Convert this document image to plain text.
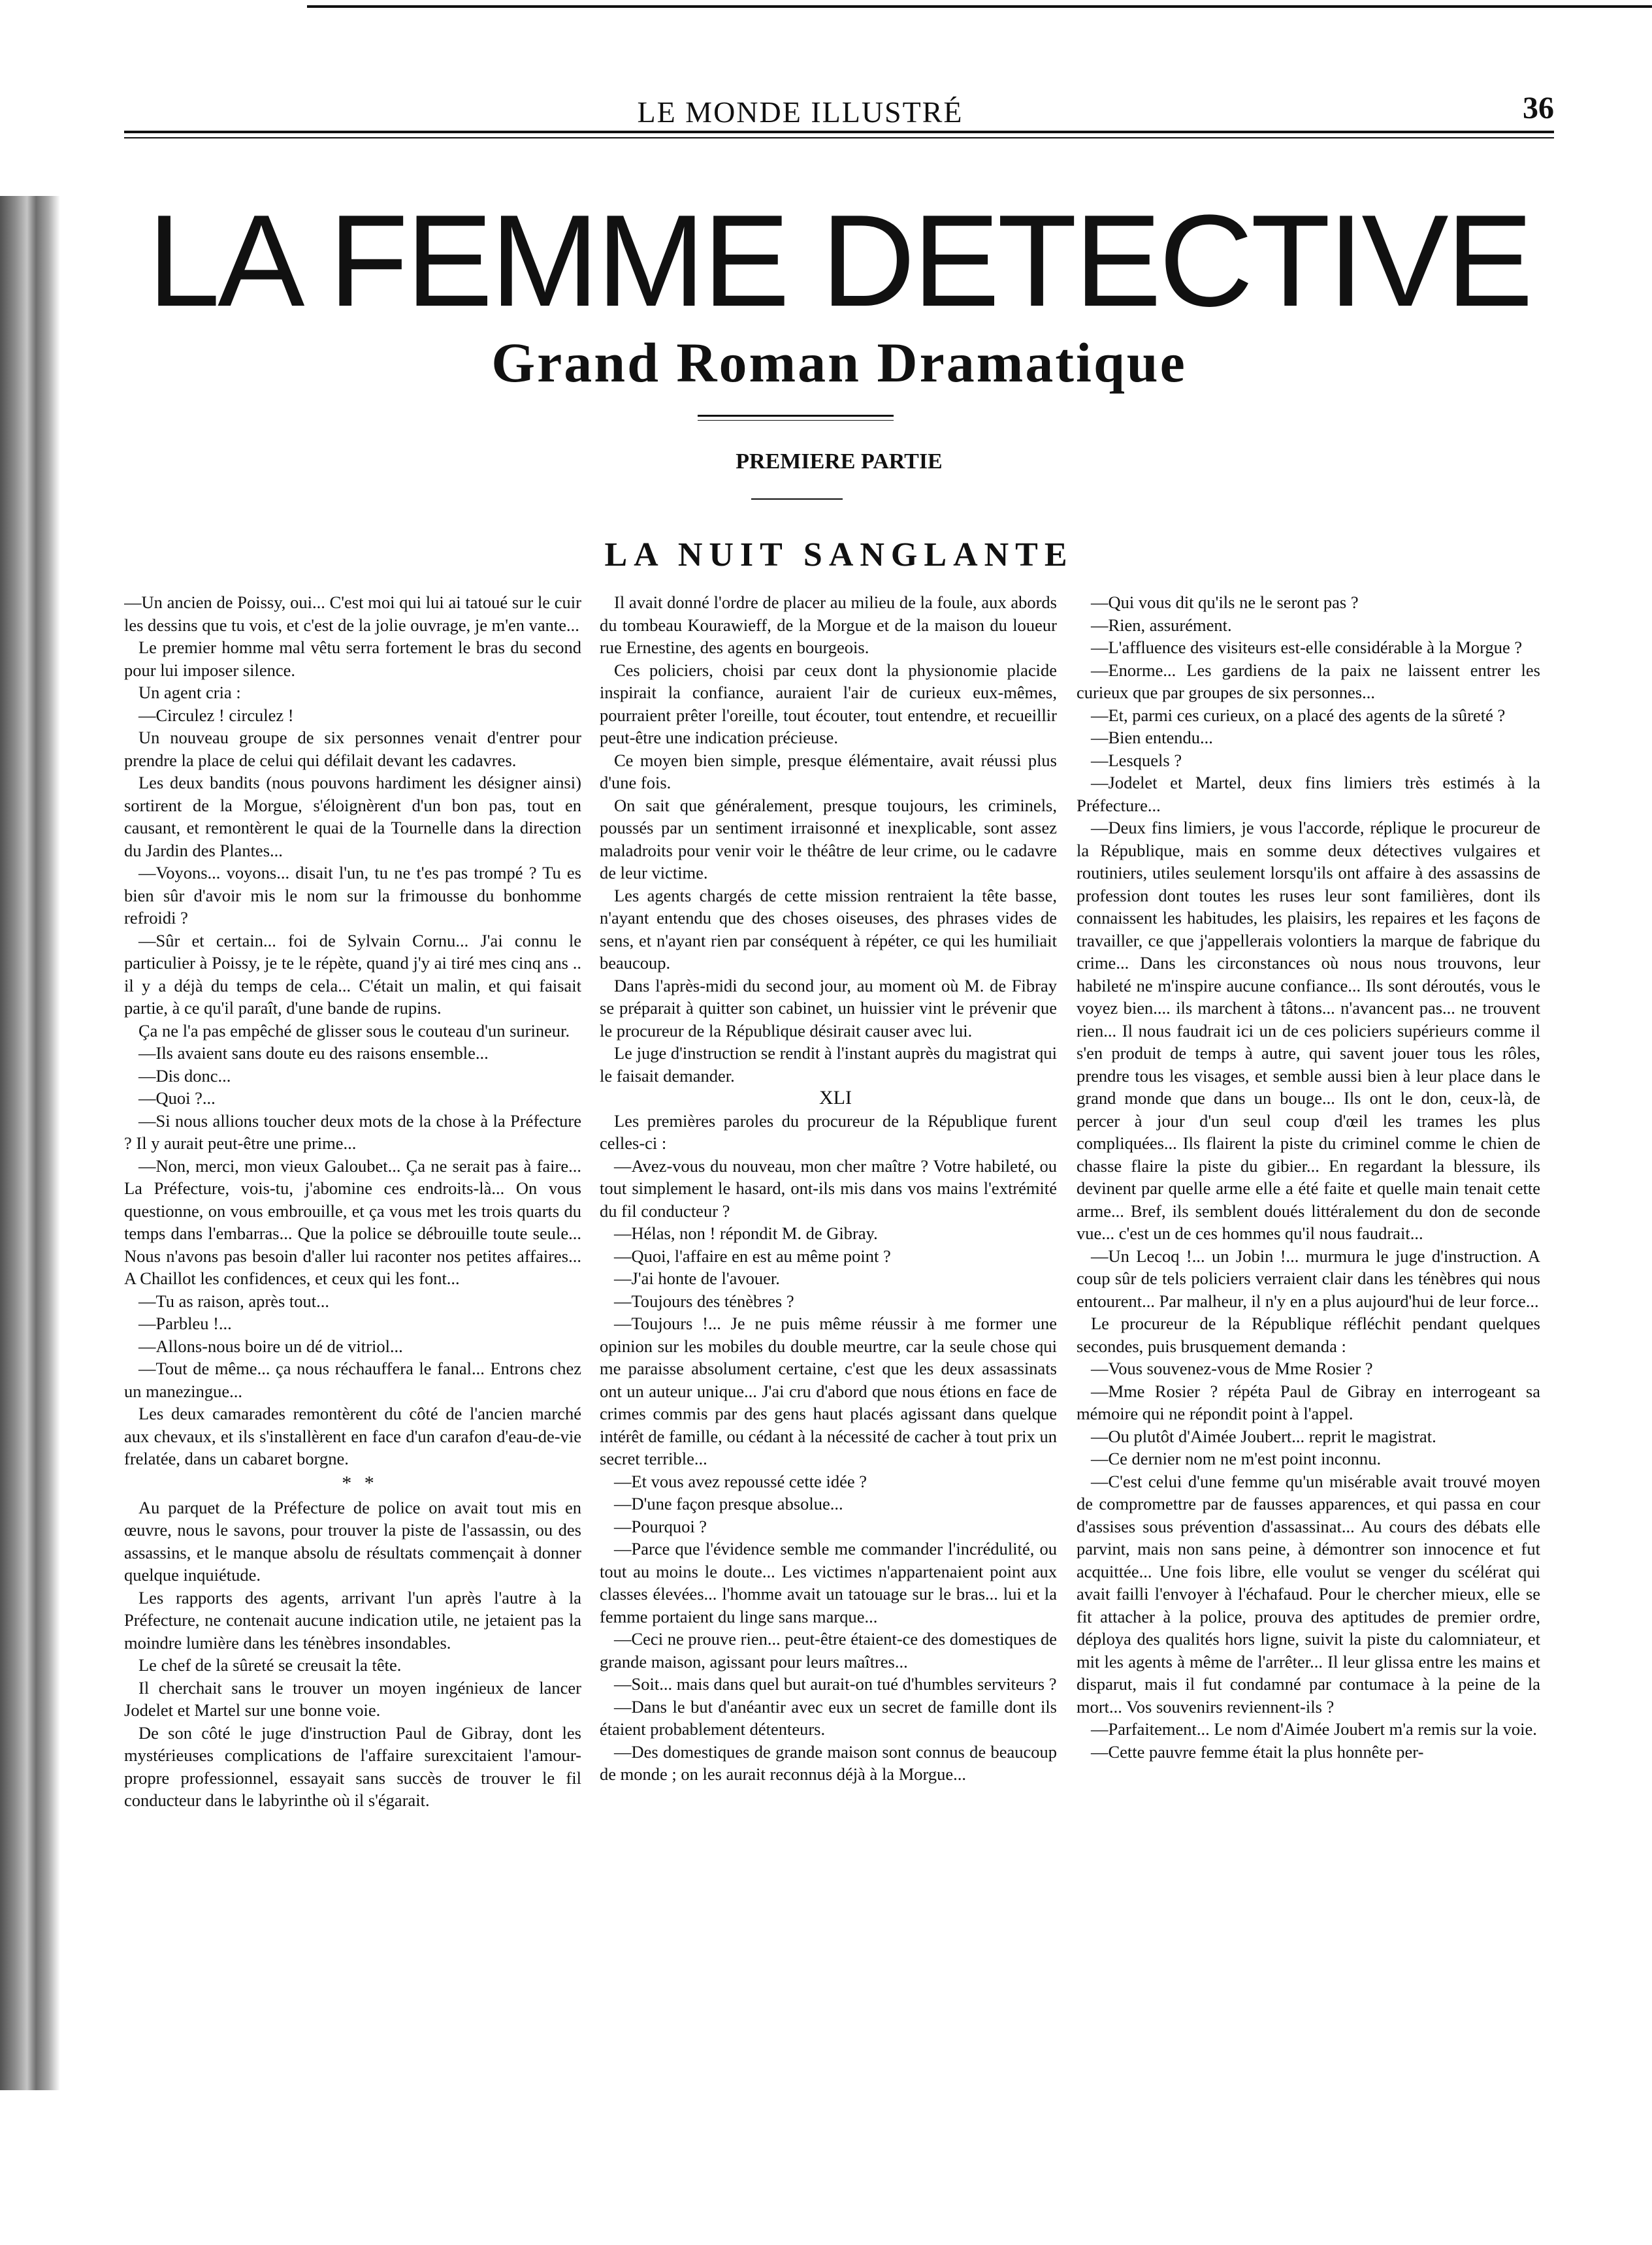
LE MONDE ILLUSTRÉ	36
LA FEMME DETECTIVE
Grand Roman Dramatique
PREMIERE PARTIE
LA NUIT SANGLANTE

—Un ancien de Poissy, oui... C'est moi qui lui ai tatoué sur le cuir les dessins que tu vois, et c'est de la jolie ouvrage, je m'en vante...

Le premier homme mal vêtu serra fortement le bras du second pour lui imposer silence.

Un agent cria :

—Circulez ! circulez !

Un nouveau groupe de six personnes venait d'entrer pour prendre la place de celui qui défilait devant les cadavres.

Les deux bandits (nous pouvons hardiment les désigner ainsi) sortirent de la Morgue, s'éloignèrent d'un bon pas, tout en causant, et remontèrent le quai de la Tournelle dans la direction du Jardin des Plantes...

—Voyons... voyons... disait l'un, tu ne t'es pas trompé ? Tu es bien sûr d'avoir mis le nom sur la frimousse du bonhomme refroidi ?

—Sûr et certain... foi de Sylvain Cornu... J'ai connu le particulier à Poissy, je te le répète, quand j'y ai tiré mes cinq ans .. il y a déjà du temps de cela... C'était un malin, et qui faisait partie, à ce qu'il paraît, d'une bande de rupins.

Ça ne l'a pas empêché de glisser sous le couteau d'un surineur.

—Ils avaient sans doute eu des raisons ensemble...

—Dis donc...

—Quoi ?...

—Si nous allions toucher deux mots de la chose à la Préfecture ? Il y aurait peut-être une prime...

—Non, merci, mon vieux Galoubet... Ça ne serait pas à faire... La Préfecture, vois-tu, j'abomine ces endroits-là... On vous questionne, on vous embrouille, et ça vous met les trois quarts du temps dans l'embarras... Que la police se débrouille toute seule... Nous n'avons pas besoin d'aller lui raconter nos petites affaires... A Chaillot les confidences, et ceux qui les font...

—Tu as raison, après tout...

—Parbleu !...

—Allons-nous boire un dé de vitriol...

—Tout de même... ça nous réchauffera le fanal... Entrons chez un manezingue...

Les deux camarades remontèrent du côté de l'ancien marché aux chevaux, et ils s'installèrent en face d'un carafon d'eau-de-vie frelatée, dans un cabaret borgne.

* *

Au parquet de la Préfecture de police on avait tout mis en œuvre, nous le savons, pour trouver la piste de l'assassin, ou des assassins, et le manque absolu de résultats commençait à donner quelque inquiétude.

Les rapports des agents, arrivant l'un après l'autre à la Préfecture, ne contenait aucune indication utile, ne jetaient pas la moindre lumière dans les ténèbres insondables.

Le chef de la sûreté se creusait la tête.

Il cherchait sans le trouver un moyen ingénieux de lancer Jodelet et Martel sur une bonne voie.

De son côté le juge d'instruction Paul de Gibray, dont les mystérieuses complications de l'affaire surexcitaient l'amour-propre professionnel, essayait sans succès de trouver le fil conducteur dans le labyrinthe où il s'égarait.

Il avait donné l'ordre de placer au milieu de la foule, aux abords du tombeau Kourawieff, de la Morgue et de la maison du loueur rue Ernestine, des agents en bourgeois.

Ces policiers, choisi par ceux dont la physionomie placide inspirait la confiance, auraient l'air de curieux eux-mêmes, pourraient prêter l'oreille, tout écouter, tout entendre, et recueillir peut-être une indication précieuse.

Ce moyen bien simple, presque élémentaire, avait réussi plus d'une fois.

On sait que généralement, presque toujours, les criminels, poussés par un sentiment irraisonné et inexplicable, sont assez maladroits pour venir voir le théâtre de leur crime, ou le cadavre de leur victime.

Les agents chargés de cette mission rentraient la tête basse, n'ayant entendu que des choses oiseuses, des phrases vides de sens, et n'ayant rien par conséquent à répéter, ce qui les humiliait beaucoup.

Dans l'après-midi du second jour, au moment où M. de Fibray se préparait à quitter son cabinet, un huissier vint le prévenir que le procureur de la République désirait causer avec lui.

Le juge d'instruction se rendit à l'instant auprès du magistrat qui le faisait demander.

XLI

Les premières paroles du procureur de la République furent celles-ci :

—Avez-vous du nouveau, mon cher maître ? Votre habileté, ou tout simplement le hasard, ont-ils mis dans vos mains l'extrémité du fil conducteur ?

—Hélas, non ! répondit M. de Gibray.

—Quoi, l'affaire en est au même point ?

—J'ai honte de l'avouer.

—Toujours des ténèbres ?

—Toujours !... Je ne puis même réussir à me former une opinion sur les mobiles du double meurtre, car la seule chose qui me paraisse absolument certaine, c'est que les deux assassinats ont un auteur unique... J'ai cru d'abord que nous étions en face de crimes commis par des gens haut placés agissant dans quelque intérêt de famille, ou cédant à la nécessité de cacher à tout prix un secret terrible...

—Et vous avez repoussé cette idée ?

—D'une façon presque absolue...

—Pourquoi ?

—Parce que l'évidence semble me commander l'incrédulité, ou tout au moins le doute... Les victimes n'appartenaient point aux classes élevées... l'homme avait un tatouage sur le bras... lui et la femme portaient du linge sans marque...

—Ceci ne prouve rien... peut-être étaient-ce des domestiques de grande maison, agissant pour leurs maîtres...

—Soit... mais dans quel but aurait-on tué d'humbles serviteurs ?

—Dans le but d'anéantir avec eux un secret de famille dont ils étaient probablement détenteurs.

—Des domestiques de grande maison sont connus de beaucoup de monde ; on les aurait reconnus déjà à la Morgue...

—Qui vous dit qu'ils ne le seront pas ?

—Rien, assurément.

—L'affluence des visiteurs est-elle considérable à la Morgue ?

—Enorme... Les gardiens de la paix ne laissent entrer les curieux que par groupes de six personnes...

—Et, parmi ces curieux, on a placé des agents de la sûreté ?

—Bien entendu...

—Lesquels ?

—Jodelet et Martel, deux fins limiers très estimés à la Préfecture...

—Deux fins limiers, je vous l'accorde, réplique le procureur de la République, mais en somme deux détectives vulgaires et routiniers, utiles seulement lorsqu'ils ont affaire à des assassins de profession dont toutes les ruses leur sont familières, dont ils connaissent les habitudes, les plaisirs, les repaires et les façons de travailler, ce que j'appellerais volontiers la marque de fabrique du crime... Dans les circonstances où nous nous trouvons, leur habileté ne m'inspire aucune confiance... Ils sont déroutés, vous le voyez bien.... ils marchent à tâtons... n'avancent pas... ne trouvent rien... Il nous faudrait ici un de ces policiers supérieurs comme il s'en produit de temps à autre, qui savent jouer tous les rôles, prendre tous les visages, et semble aussi bien à leur place dans le grand monde que dans un bouge... Ils ont le don, ceux-là, de percer à jour d'un seul coup d'œil les trames les plus compliquées... Ils flairent la piste du criminel comme le chien de chasse flaire la piste du gibier... En regardant la blessure, ils devinent par quelle arme elle a été faite et quelle main tenait cette arme... Bref, ils semblent doués littéralement du don de seconde vue... c'est un de ces hommes qu'il nous faudrait...

—Un Lecoq !... un Jobin !... murmura le juge d'instruction. A coup sûr de tels policiers verraient clair dans les ténèbres qui nous entourent... Par malheur, il n'y en a plus aujourd'hui de leur force...

Le procureur de la République réfléchit pendant quelques secondes, puis brusquement demanda :

—Vous souvenez-vous de Mme Rosier ?

—Mme Rosier ? répéta Paul de Gibray en interrogeant sa mémoire qui ne répondit point à l'appel.

—Ou plutôt d'Aimée Joubert... reprit le magistrat.

—Ce dernier nom ne m'est point inconnu.

—C'est celui d'une femme qu'un misérable avait trouvé moyen de compromettre par de fausses apparences, et qui passa en cour d'assises sous prévention d'assassinat... Au cours des débats elle parvint, mais non sans peine, à démontrer son innocence et fut acquittée... Une fois libre, elle voulut se venger du scélérat qui avait failli l'envoyer à l'échafaud. Pour le chercher mieux, elle se fit attacher à la police, prouva des aptitudes de premier ordre, déploya des qualités hors ligne, suivit la piste du calomniateur, et mit les agents à même de l'arrêter... Il leur glissa entre les mains et disparut, mais il fut condamné par contumace à la peine de la mort... Vos souvenirs reviennent-ils ?

—Parfaitement... Le nom d'Aimée Joubert m'a remis sur la voie.

—Cette pauvre femme était la plus honnête per-
